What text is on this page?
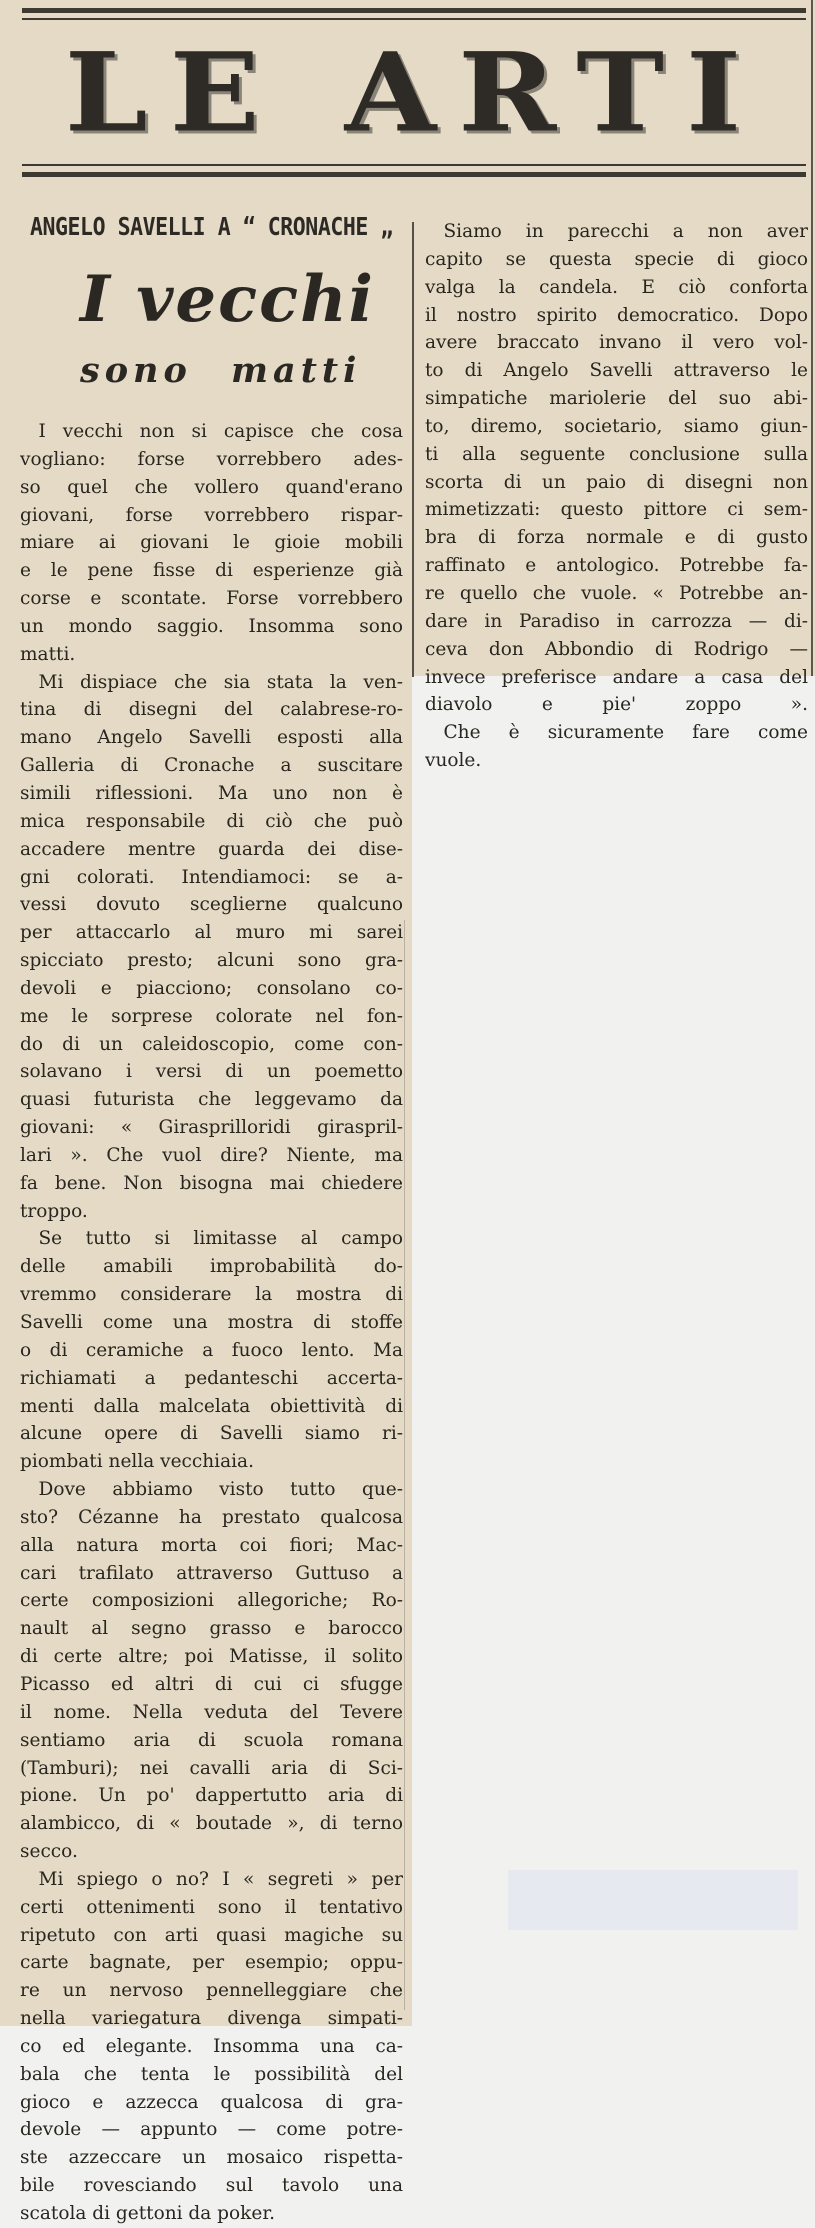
LE ARTI
ANGELO SAVELLI A “ CRONACHE „
I vecchi
sono matti
 I vecchi non si capisce che cosa
vogliano: forse vorrebbero ades-
so quel che vollero quand'erano
giovani, forse vorrebbero rispar-
miare ai giovani le gioie mobili
e le pene fisse di esperienze già
corse e scontate. Forse vorrebbero
un mondo saggio. Insomma sono
matti.
 Mi dispiace che sia stata la ven-
tina di disegni del calabrese-ro-
mano Angelo Savelli esposti alla
Galleria di Cronache a suscitare
simili riflessioni. Ma uno non è
mica responsabile di ciò che può
accadere mentre guarda dei dise-
gni colorati. Intendiamoci: se a-
vessi dovuto sceglierne qualcuno
per attaccarlo al muro mi sarei
spicciato presto; alcuni sono gra-
devoli e piacciono; consolano co-
me le sorprese colorate nel fon-
do di un caleidoscopio, come con-
solavano i versi di un poemetto
quasi futurista che leggevamo da
giovani: « Girasprilloridi giraspril-
lari ». Che vuol dire? Niente, ma
fa bene. Non bisogna mai chiedere
troppo.
 Se tutto si limitasse al campo
delle amabili improbabilità do-
vremmo considerare la mostra di
Savelli come una mostra di stoffe
o di ceramiche a fuoco lento. Ma
richiamati a pedanteschi accerta-
menti dalla malcelata obiettività di
alcune opere di Savelli siamo ri-
piombati nella vecchiaia.
 Dove abbiamo visto tutto que-
sto? Cézanne ha prestato qualcosa
alla natura morta coi fiori; Mac-
cari trafilato attraverso Guttuso a
certe composizioni allegoriche; Ro-
nault al segno grasso e barocco
di certe altre; poi Matisse, il solito
Picasso ed altri di cui ci sfugge
il nome. Nella veduta del Tevere
sentiamo aria di scuola romana
(Tamburi); nei cavalli aria di Sci-
pione. Un po' dappertutto aria di
alambicco, di « boutade », di terno
secco.
 Mi spiego o no? I « segreti » per
certi ottenimenti sono il tentativo
ripetuto con arti quasi magiche su
carte bagnate, per esempio; oppu-
re un nervoso pennelleggiare che
nella variegatura divenga simpati-
co ed elegante. Insomma una ca-
bala che tenta le possibilità del
gioco e azzecca qualcosa di gra-
devole — appunto — come potre-
ste azzeccare un mosaico rispetta-
bile rovesciando sul tavolo una
scatola di gettoni da poker.
 Siamo in parecchi a non aver
capito se questa specie di gioco
valga la candela. E ciò conforta
il nostro spirito democratico. Dopo
avere braccato invano il vero vol-
to di Angelo Savelli attraverso le
simpatiche mariolerie del suo abi-
to, diremo, societario, siamo giun-
ti alla seguente conclusione sulla
scorta di un paio di disegni non
mimetizzati: questo pittore ci sem-
bra di forza normale e di gusto
raffinato e antologico. Potrebbe fa-
re quello che vuole. « Potrebbe an-
dare in Paradiso in carrozza — di-
ceva don Abbondio di Rodrigo —
invece preferisce andare a casa del
diavolo e pie' zoppo ».
 Che è sicuramente fare come
vuole.
